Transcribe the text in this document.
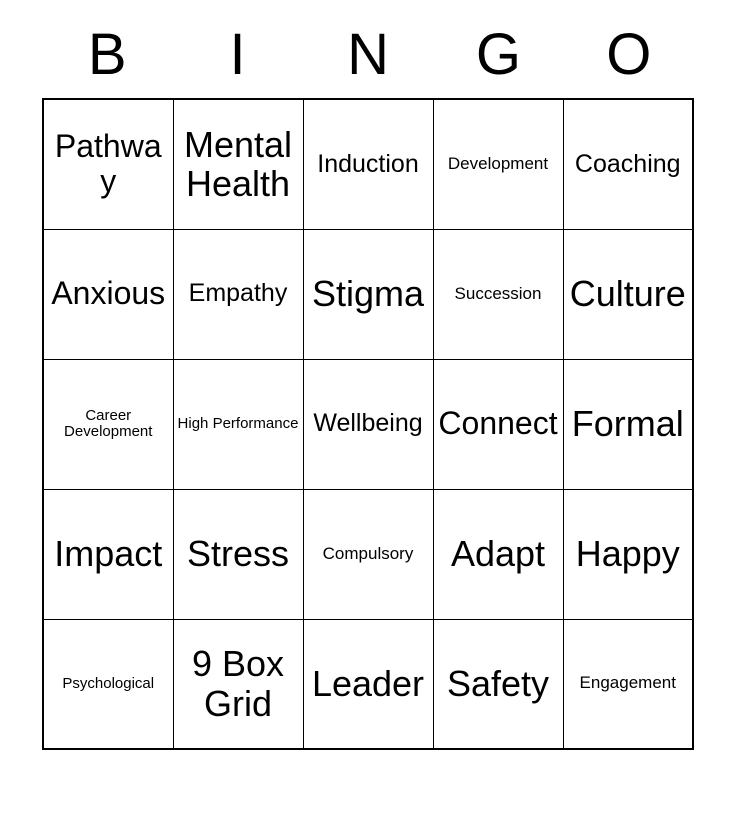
B	I	N	G	O
Pathway	Mental Health	Induction	Development	Coaching

Anxious	Empathy	Stigma	Succession	Culture

Career Development	High Performance	Wellbeing	Connect	Formal

Impact	Stress	Compulsory	Adapt	Happy

Psychological	9 Box Grid	Leader	Safety	Engagement
